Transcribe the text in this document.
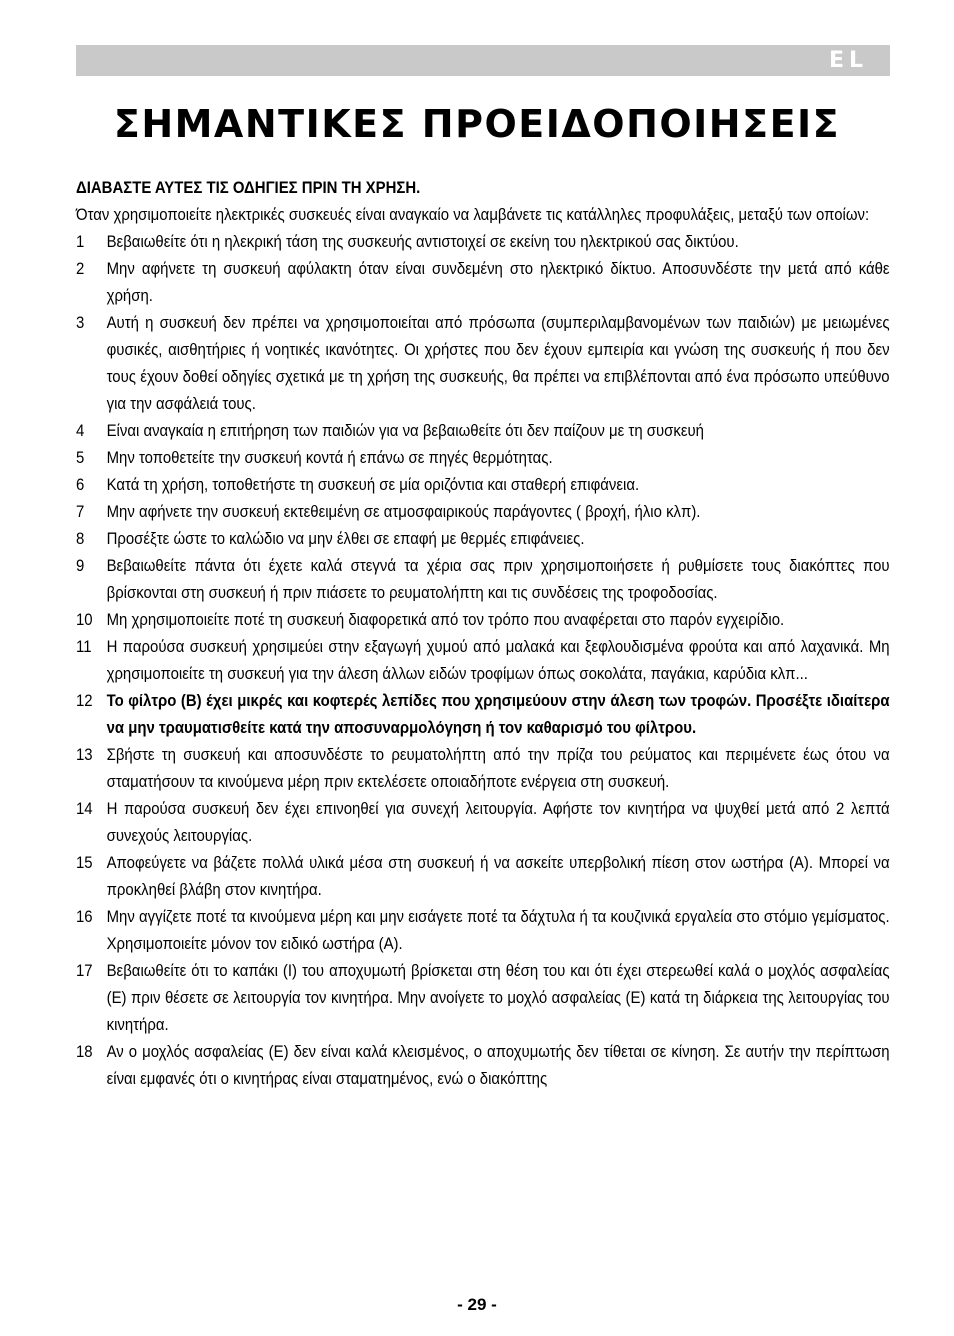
EL
ΣΗΜΑΝΤΙΚΕΣ ΠΡΟΕΙΔΟΠΟΙΗΣΕΙΣ
ΔΙΑΒΑΣΤΕ ΑΥΤΕΣ ΤΙΣ ΟΔΗΓΙΕΣ ΠΡΙΝ ΤΗ ΧΡΗΣΗ.
Όταν χρησιμοποιείτε ηλεκτρικές συσκευές είναι αναγκαίο να λαμβάνετε τις κατάλληλες προφυλάξεις, μεταξύ των οποίων:
1	Βεβαιωθείτε ότι η ηλεκρική τάση της συσκευής αντιστοιχεί σε εκείνη του ηλεκτρικού σας δικτύου.
2	Μην αφήνετε τη συσκευή αφύλακτη όταν είναι συνδεμένη στο ηλεκτρικό δίκτυο. Αποσυνδέστε την μετά από κάθε χρήση.
3	Αυτή η συσκευή δεν πρέπει να χρησιμοποιείται από πρόσωπα (συμπεριλαμβανομένων των παιδιών) με μειωμένες φυσικές, αισθητήριες ή νοητικές ικανότητες. Οι χρήστες που δεν έχουν εμπειρία και γνώση της συσκευής ή που δεν τους έχουν δοθεί οδηγίες σχετικά με τη χρήση της συσκευής, θα πρέπει να επιβλέπονται από ένα πρόσωπο υπεύθυνο για την ασφάλειά τους.
4	Είναι αναγκαία η επιτήρηση των παιδιών για να βεβαιωθείτε ότι δεν παίζουν με τη συσκευή
5	Μην τοποθετείτε την συσκευή κοντά ή επάνω σε πηγές θερμότητας.
6	Κατά τη χρήση, τοποθετήστε τη συσκευή σε μία οριζόντια και σταθερή επιφάνεια.
7	Μην αφήνετε την συσκευή εκτεθειμένη σε ατμοσφαιρικούς παράγοντες ( βροχή, ήλιο κλπ).
8	Προσέξτε ώστε το καλώδιο να μην έλθει σε επαφή με θερμές επιφάνειες.
9	Βεβαιωθείτε πάντα ότι έχετε καλά στεγνά τα χέρια σας πριν χρησιμοποιήσετε ή ρυθμίσετε τους διακόπτες που βρίσκονται στη συσκευή ή πριν πιάσετε το ρευματολήπτη και τις συνδέσεις της τροφοδοσίας.
10 Μη χρησιμοποιείτε ποτέ τη συσκευή διαφορετικά από τον τρόπο που αναφέρεται στο παρόν εγχειρίδιο.
11 Η παρούσα συσκευή χρησιμεύει στην εξαγωγή χυμού από μαλακά και ξεφλουδισμένα φρούτα και από λαχανικά. Μη χρησιμοποιείτε τη συσκευή για την άλεση άλλων ειδών τροφίμων όπως σοκολάτα, παγάκια, καρύδια κλπ...
12 Το φίλτρο (B) έχει μικρές και κοφτερές λεπίδες που χρησιμεύουν στην άλεση των τροφών. Προσέξτε ιδιαίτερα να μην τραυματισθείτε κατά την αποσυναρμολόγηση ή τον καθαρισμό του φίλτρου.
13 Σβήστε τη συσκευή και αποσυνδέστε το ρευματολήπτη από την πρίζα του ρεύματος και περιμένετε έως ότου να σταματήσουν τα κινούμενα μέρη πριν εκτελέσετε οποιαδήποτε ενέργεια στη συσκευή.
14 Η παρούσα συσκευή δεν έχει επινοηθεί για συνεχή λειτουργία. Αφήστε τον κινητήρα να ψυχθεί μετά από 2 λεπτά συνεχούς λειτουργίας.
15 Αποφεύγετε να βάζετε πολλά υλικά μέσα στη συσκευή ή να ασκείτε υπερβολική πίεση στον ωστήρα (A). Μπορεί να προκληθεί βλάβη στον κινητήρα.
16 Μην αγγίζετε ποτέ τα κινούμενα μέρη και μην εισάγετε ποτέ τα δάχτυλα ή τα κουζινικά εργαλεία στο στόμιο γεμίσματος. Χρησιμοποιείτε μόνον τον ειδικό ωστήρα (A).
17 Βεβαιωθείτε ότι το καπάκι (I) του αποχυμωτή βρίσκεται στη θέση του και ότι έχει στερεωθεί καλά ο μοχλός ασφαλείας (E) πριν θέσετε σε λειτουργία τον κινητήρα. Μην ανοίγετε το μοχλό ασφαλείας (E) κατά τη διάρκεια της λειτουργίας του κινητήρα.
18 Αν ο μοχλός ασφαλείας (E) δεν είναι καλά κλεισμένος, ο αποχυμωτής δεν τίθεται σε κίνηση. Σε αυτήν την περίπτωση είναι εμφανές ότι ο κινητήρας είναι σταματημένος, ενώ ο διακόπτης
- 29 -
